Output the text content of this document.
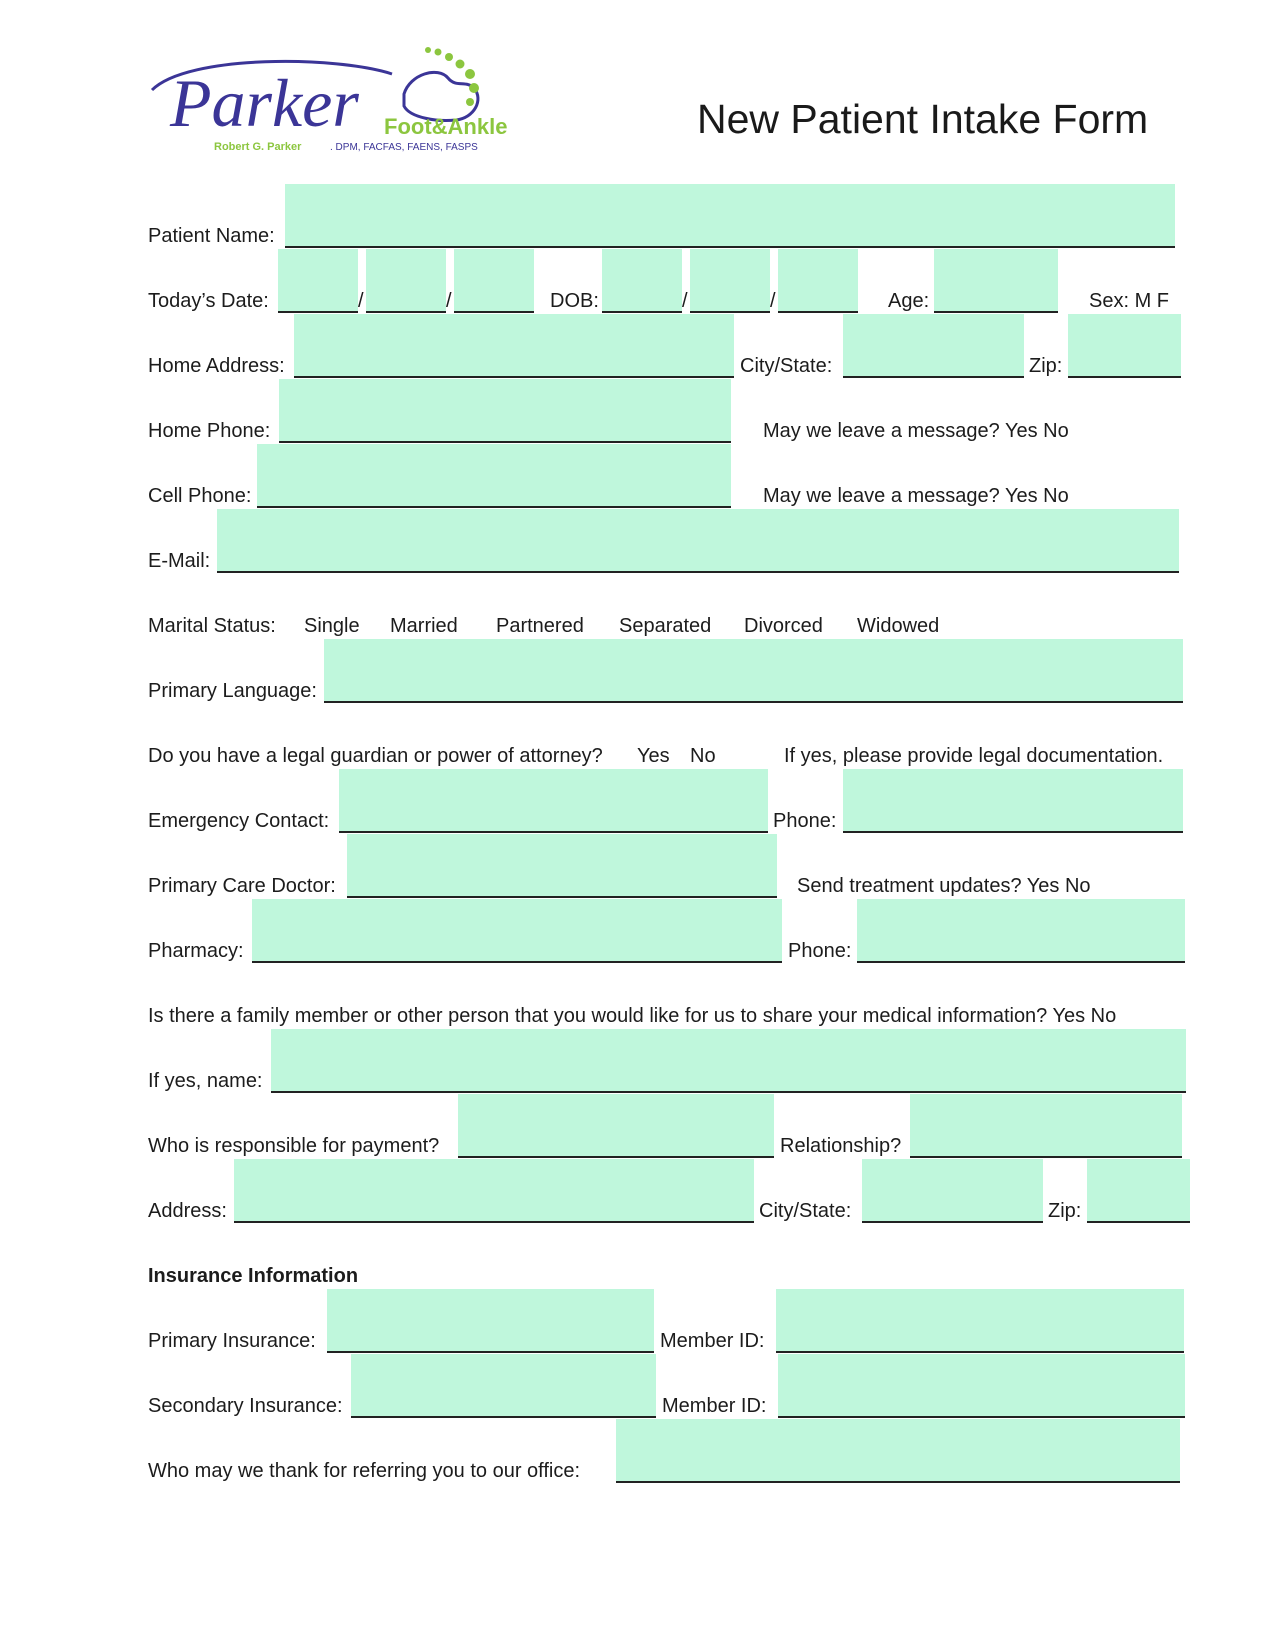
Parker Foot&Ankle
Robert G. Parker	. DPM, FACFAS, FAENS, FASPS
New Patient Intake Form
Patient Name:
Today’s Date:	/	/	DOB:	/	/	Age:	Sex: M F
Home Address:	City/State:	Zip:
Home Phone:	May we leave a message? Yes No
Cell Phone:	May we leave a message? Yes No
E-Mail:
Marital Status: Single Married Partnered Separated Divorced Widowed
Primary Language:
Do you have a legal guardian or power of attorney? Yes No	If yes, please provide legal documentation.
Emergency Contact:	Phone:
Primary Care Doctor:	Send treatment updates? Yes No
Pharmacy:	Phone:
Is there a family member or other person that you would like for us to share your medical information? Yes No
If yes, name:
Who is responsible for payment?	Relationship?
Address:	City/State:	Zip:
Insurance Information
Primary Insurance:	Member ID:
Secondary Insurance:	Member ID:
Who may we thank for referring you to our office:
